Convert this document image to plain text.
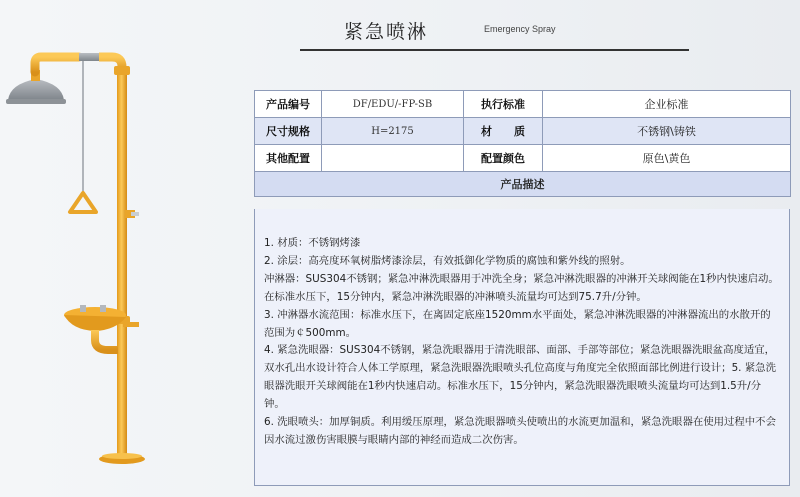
紧急喷淋	Emergency Spray
产品编号	DF/EDU/-FP-SB	执行标准	企业标准
尺寸规格	H=2175	材　　质	不锈钢\铸铁
其他配置		配置颜色	原色\黄色
产品描述			

1. 材质：不锈钢烤漆

2. 涂层：高亮度环氧树脂烤漆涂层，有效抵御化学物质的腐蚀和紫外线的照射。

冲淋器：SUS304不锈钢；紧急冲淋洗眼器用于冲洗全身；紧急冲淋洗眼器的冲淋开关球阀能在1秒内快速启动。在标准水压下，15分钟内，紧急冲淋洗眼器的冲淋喷头流量均可达到75.7升/分钟。

3. 冲淋器水流范围：标准水压下，在离固定底座1520mm水平面处，紧急冲淋洗眼器的冲淋器流出的水散开的范围为￠500mm。

4. 紧急洗眼器：SUS304不锈钢，紧急洗眼器用于清洗眼部、面部、手部等部位；紧急洗眼器洗眼盆高度适宜，双水孔出水设计符合人体工学原理，紧急洗眼器洗眼喷头孔位高度与角度完全依照面部比例进行设计；5. 紧急洗眼器洗眼开关球阀能在1秒内快速启动。标准水压下，15分钟内，紧急洗眼器洗眼喷头流量均可达到1.5升/分钟。

6. 洗眼喷头：加厚铜质。利用缓压原理，紧急洗眼器喷头使喷出的水流更加温和，紧急洗眼器在使用过程中不会因水流过激伤害眼膜与眼睛内部的神经而造成二次伤害。
